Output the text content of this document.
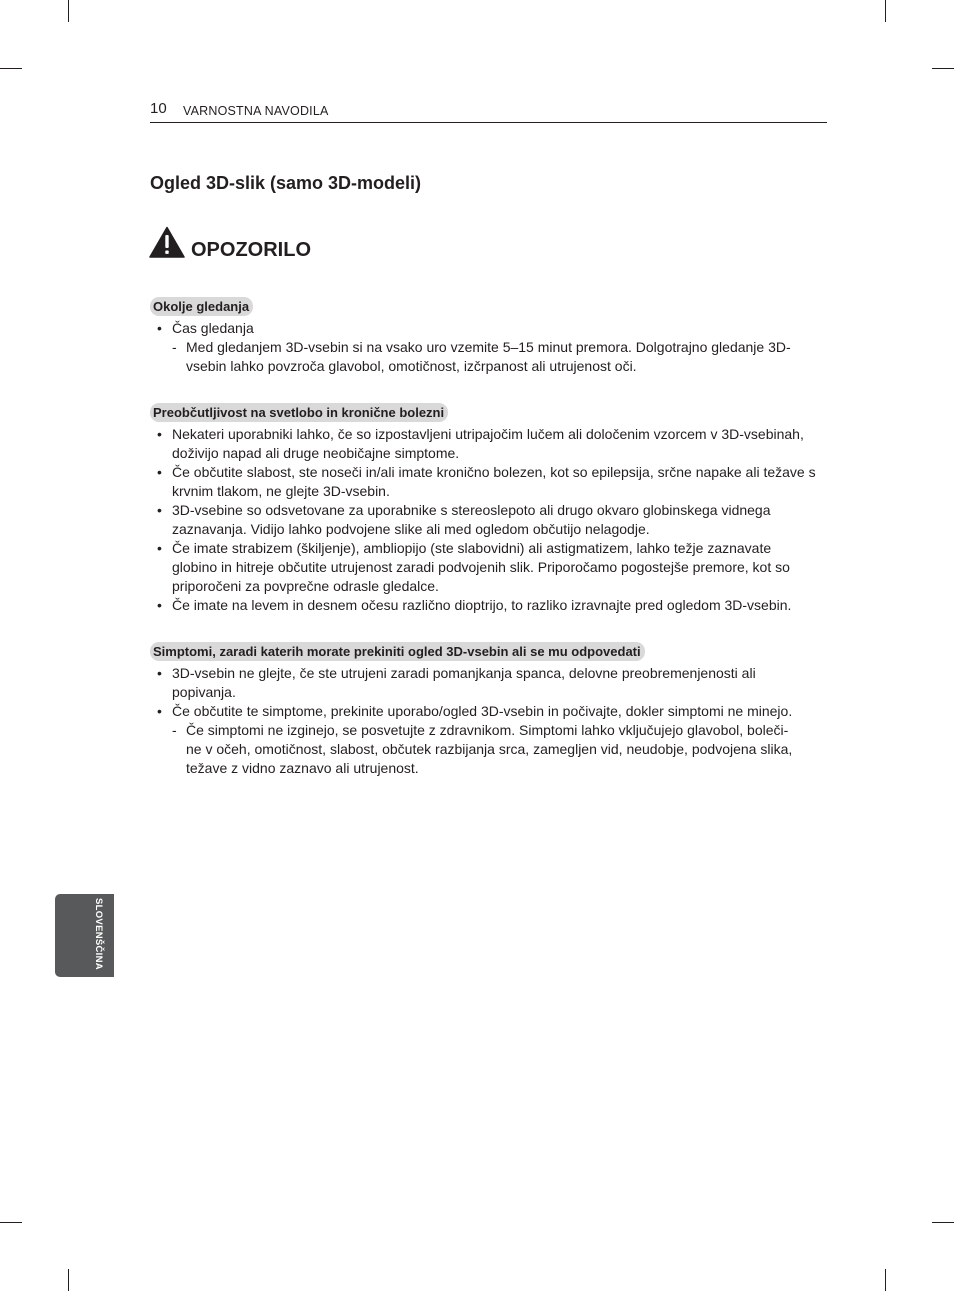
10 VARNOSTNA NAVODILA
Ogled 3D-slik (samo 3D-modeli)
OPOZORILO
Okolje gledanja
• Čas gledanja
- Med gledanjem 3D-vsebin si na vsako uro vzemite 5–15 minut premora. Dolgotrajno gledanje 3D-
vsebin lahko povzroča glavobol, omotičnost, izčrpanost ali utrujenost oči.
Preobčutljivost na svetlobo in kronične bolezni
• Nekateri uporabniki lahko, če so izpostavljeni utripajočim lučem ali določenim vzorcem v 3D-vsebinah,
doživijo napad ali druge neobičajne simptome.
• Če občutite slabost, ste noseči in/ali imate kronično bolezen, kot so epilepsija, srčne napake ali težave s
krvnim tlakom, ne glejte 3D-vsebin.
• 3D-vsebine so odsvetovane za uporabnike s stereoslepoto ali drugo okvaro globinskega vidnega
zaznavanja. Vidijo lahko podvojene slike ali med ogledom občutijo nelagodje.
• Če imate strabizem (škiljenje), ambliopijo (ste slabovidni) ali astigmatizem, lahko težje zaznavate
globino in hitreje občutite utrujenost zaradi podvojenih slik. Priporočamo pogostejše premore, kot so
priporočeni za povprečne odrasle gledalce.
• Če imate na levem in desnem očesu različno dioptrijo, to razliko izravnajte pred ogledom 3D-vsebin.
Simptomi, zaradi katerih morate prekiniti ogled 3D-vsebin ali se mu odpovedati
• 3D-vsebin ne glejte, če ste utrujeni zaradi pomanjkanja spanca, delovne preobremenjenosti ali
popivanja.
• Če občutite te simptome, prekinite uporabo/ogled 3D-vsebin in počivajte, dokler simptomi ne minejo.
- Če simptomi ne izginejo, se posvetujte z zdravnikom. Simptomi lahko vključujejo glavobol, boleči-
ne v očeh, omotičnost, slabost, občutek razbijanja srca, zamegljen vid, neudobje, podvojena slika,
težave z vidno zaznavo ali utrujenost.
SLOVENŠČINA
